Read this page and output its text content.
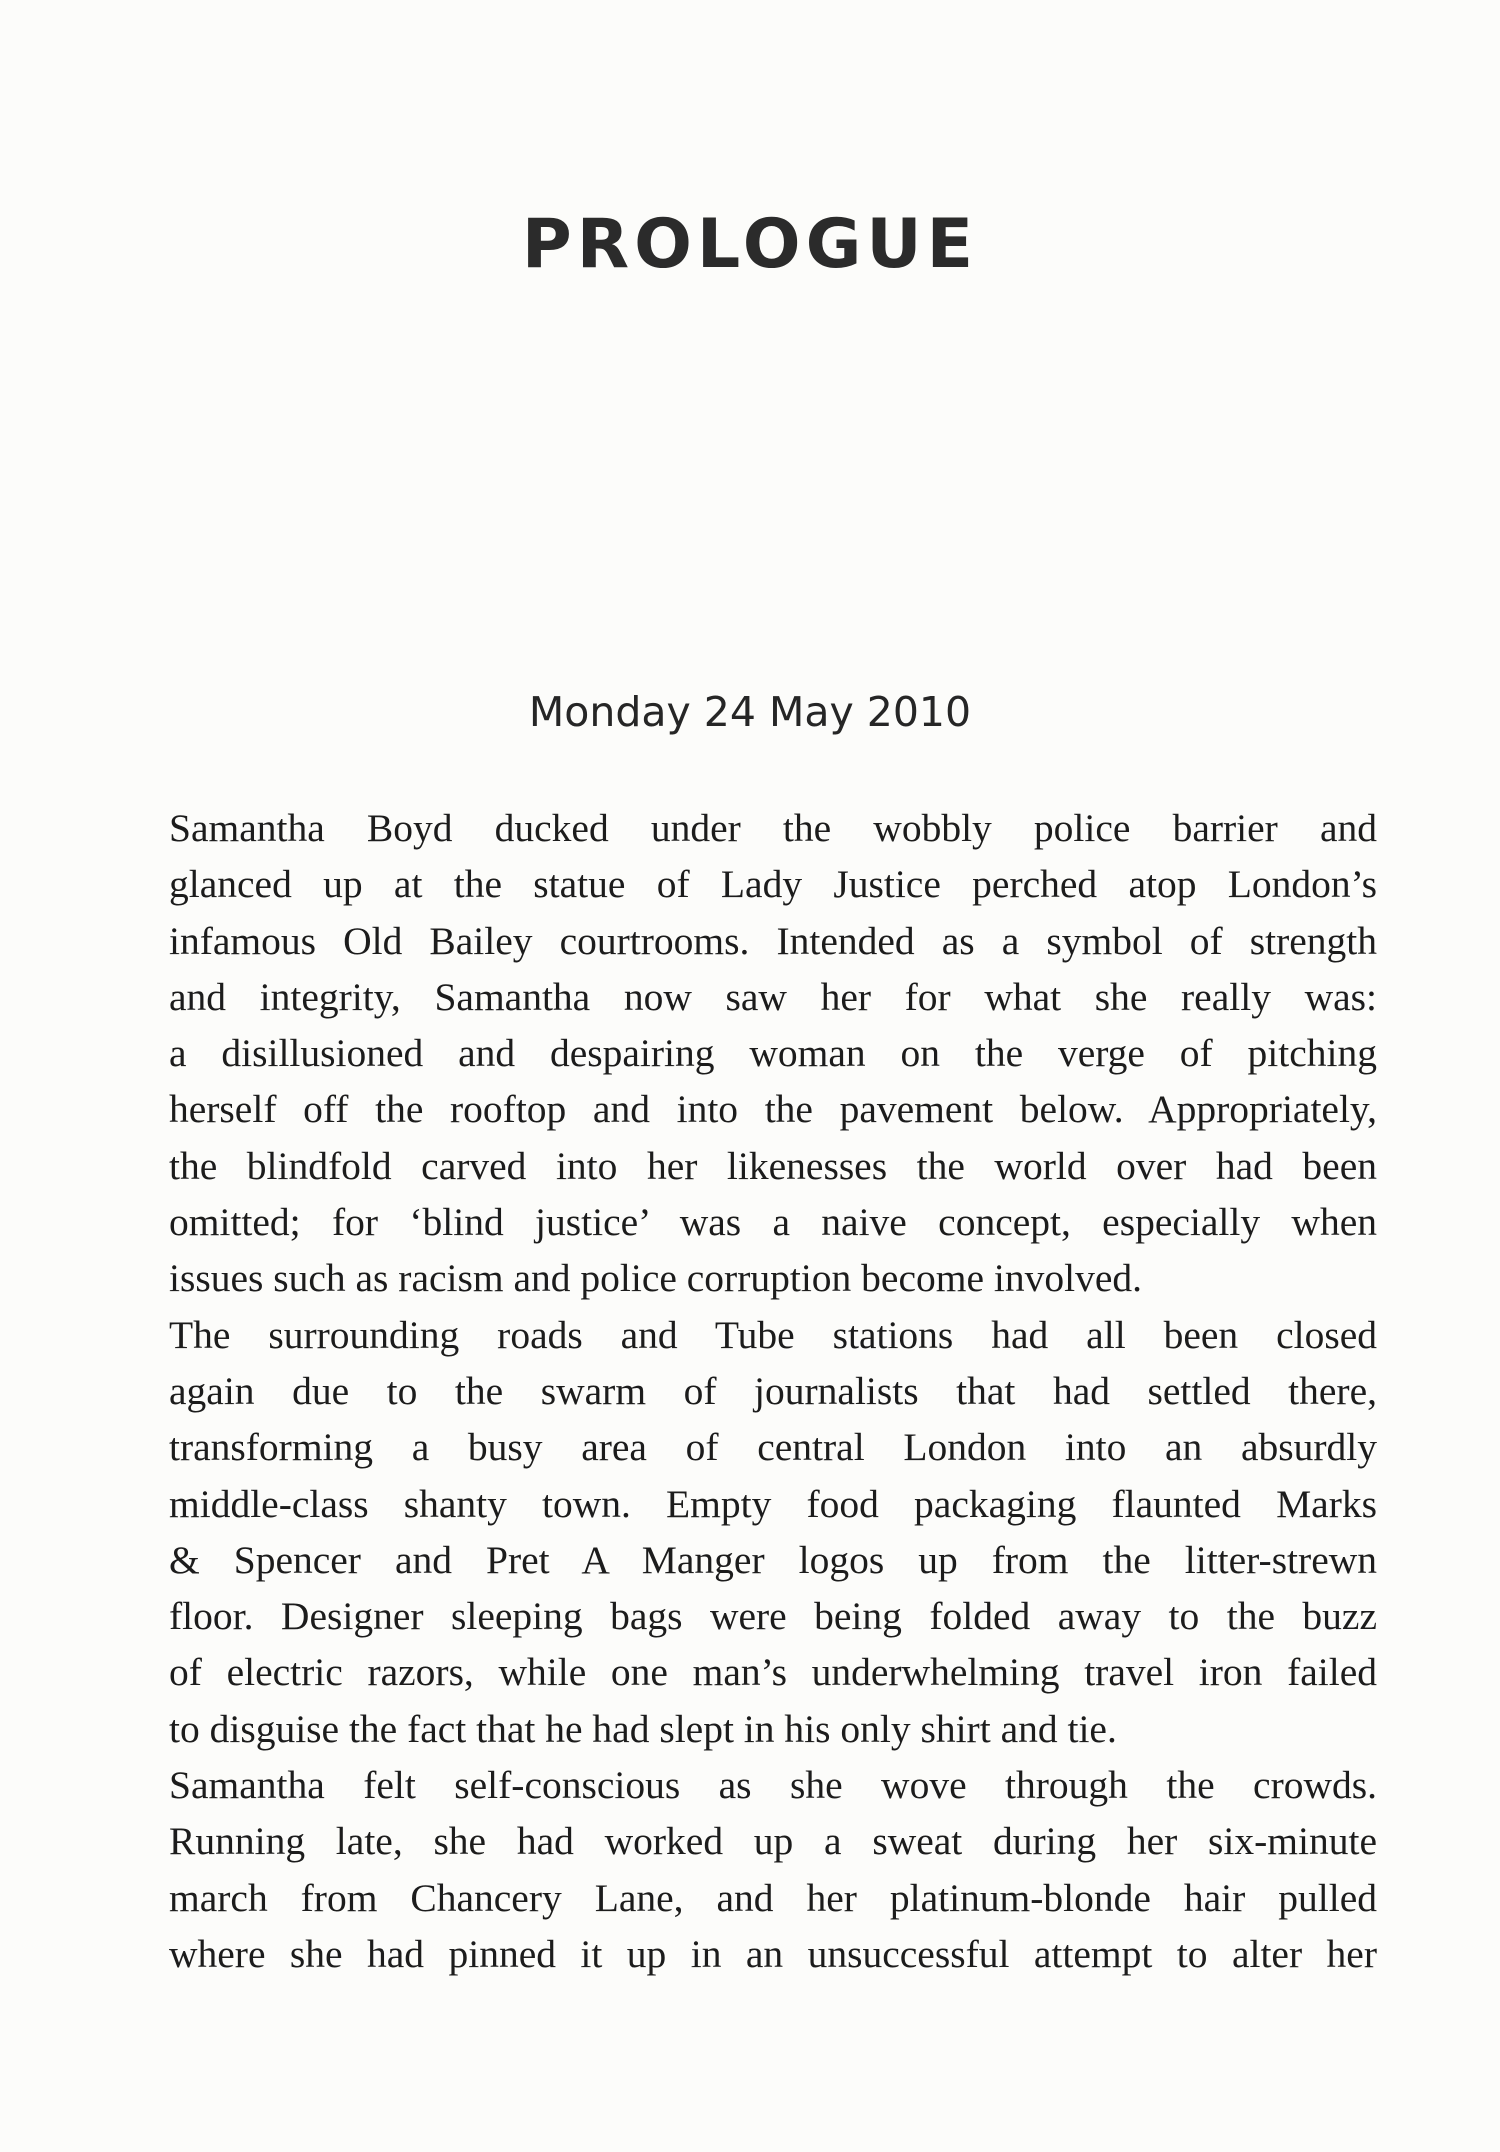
PROLOGUE
Monday 24 May 2010

Samantha Boyd ducked under the wobbly police barrier and
glanced up at the statue of Lady Justice perched atop London’s
infamous Old Bailey courtrooms. Intended as a symbol of strength
and integrity, Samantha now saw her for what she really was:
a disillusioned and despairing woman on the verge of pitching
herself off the rooftop and into the pavement below. Appropriately,
the blindfold carved into her likenesses the world over had been
omitted; for ‘blind justice’ was a naive concept, especially when
issues such as racism and police corruption become involved.

The surrounding roads and Tube stations had all been closed
again due to the swarm of journalists that had settled there,
transforming a busy area of central London into an absurdly
middle-class shanty town. Empty food packaging flaunted Marks
& Spencer and Pret A Manger logos up from the litter-strewn
floor. Designer sleeping bags were being folded away to the buzz
of electric razors, while one man’s underwhelming travel iron failed
to disguise the fact that he had slept in his only shirt and tie.

Samantha felt self-conscious as she wove through the crowds.
Running late, she had worked up a sweat during her six-minute
march from Chancery Lane, and her platinum-blonde hair pulled
where she had pinned it up in an unsuccessful attempt to alter her
